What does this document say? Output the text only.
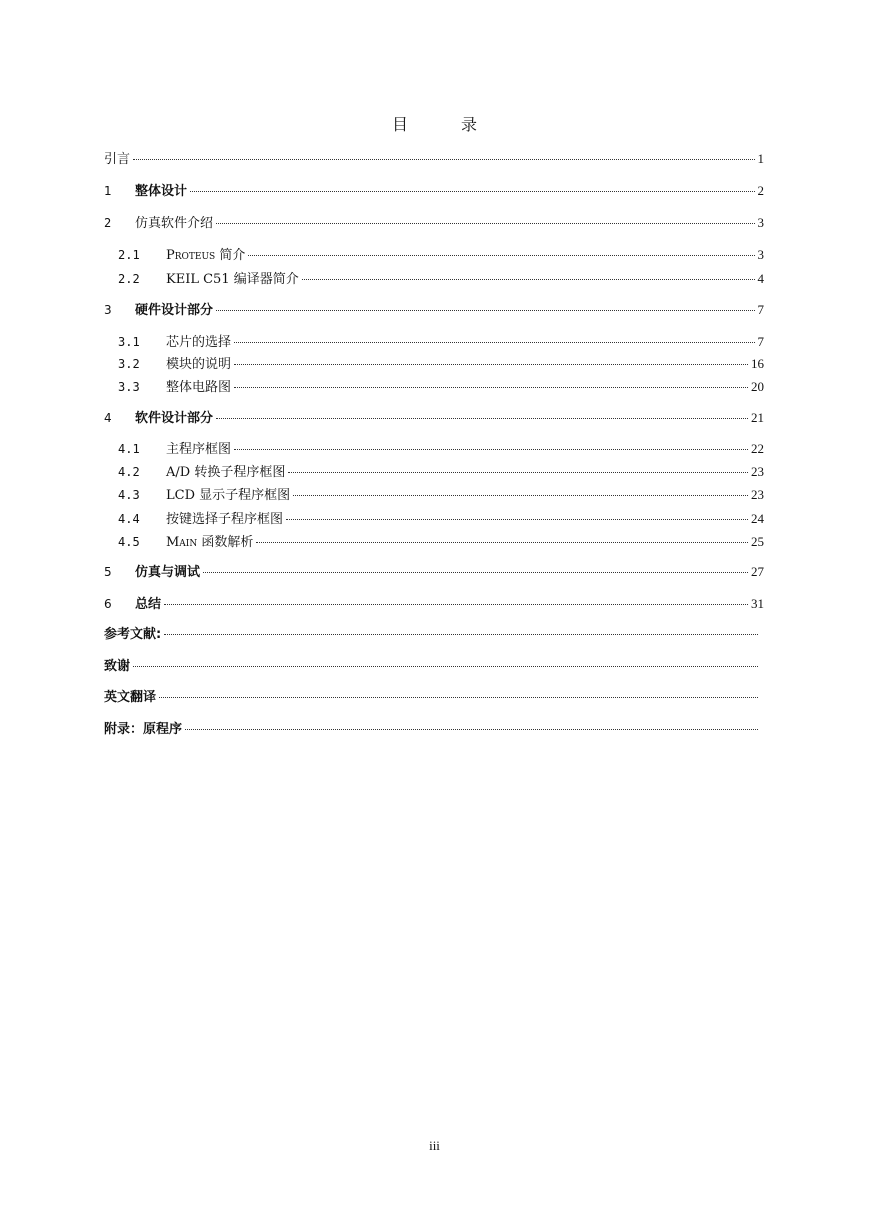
目 录
引言	1
1	整体设计	2
2	仿真软件介绍	3
2.1	Proteus 简介	3
2.2	KEIL C51 编译器简介	4
3	硬件设计部分	7
3.1	芯片的选择	7
3.2	模块的说明	16
3.3	整体电路图	20
4	软件设计部分	21
4.1	主程序框图	22
4.2	A/D 转换子程序框图	23
4.3	LCD 显示子程序框图	23
4.4	按键选择子程序框图	24
4.5	Main 函数解析	25
5	仿真与调试	27
6	总结	31
参考文献:
致谢
英文翻译
附录：原程序
iii
